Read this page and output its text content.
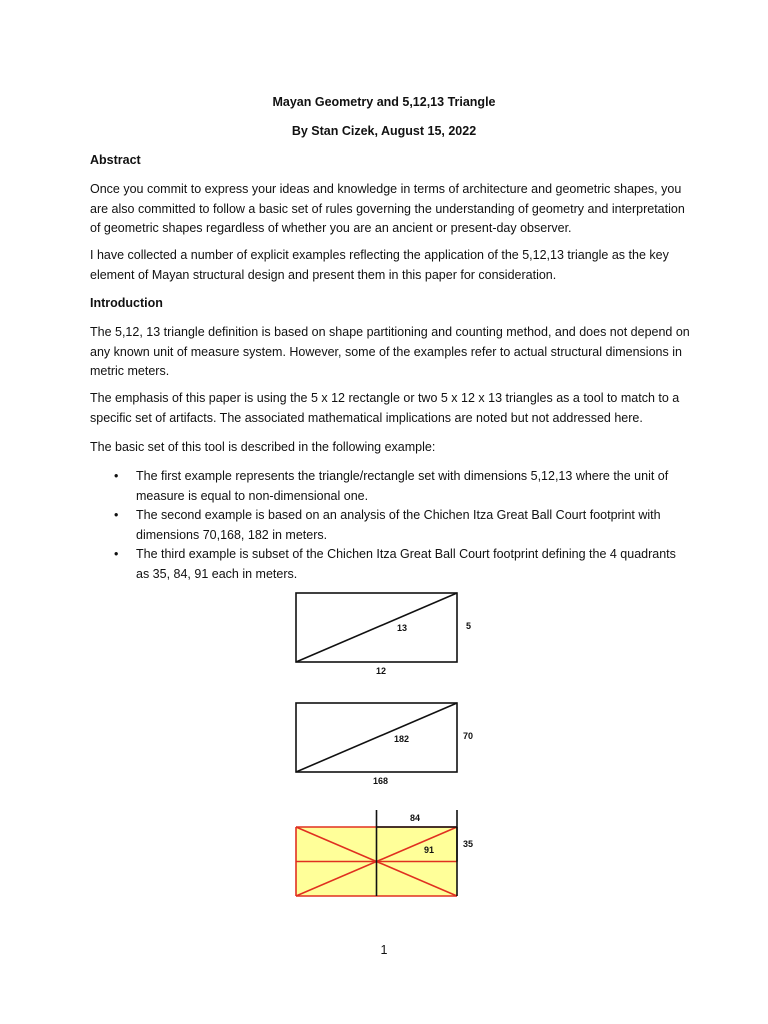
Mayan Geometry and 5,12,13 Triangle

By Stan Cizek, August 15, 2022

Abstract

Once you commit to express your ideas and knowledge in terms of architecture and geometric shapes, you are also committed to follow a basic set of rules governing the understanding of geometry and interpretation of geometric shapes regardless of whether you are an ancient or present-day observer.

I have collected a number of explicit examples reflecting the application of the 5,12,13 triangle as the key element of Mayan structural design and present them in this paper for consideration.

Introduction

The 5,12, 13 triangle definition is based on shape partitioning and counting method, and does not depend on any known unit of measure system. However, some of the examples refer to actual structural dimensions in metric meters.

The emphasis of this paper is using the 5 x 12 rectangle or two 5 x 12 x 13 triangles as a tool to match to a specific set of artifacts. The associated mathematical implications are noted but not addressed here.

The basic set of this tool is described in the following example:

• The first example represents the triangle/rectangle set with dimensions 5,12,13 where the unit of measure is equal to non-dimensional one.
• The second example is based on an analysis of the Chichen Itza Great Ball Court footprint with dimensions 70,168, 182 in meters.
• The third example is subset of the Chichen Itza Great Ball Court footprint defining the 4 quadrants as 35, 84, 91 each in meters.
13	5
12
182	70
168
84
35
91

1
